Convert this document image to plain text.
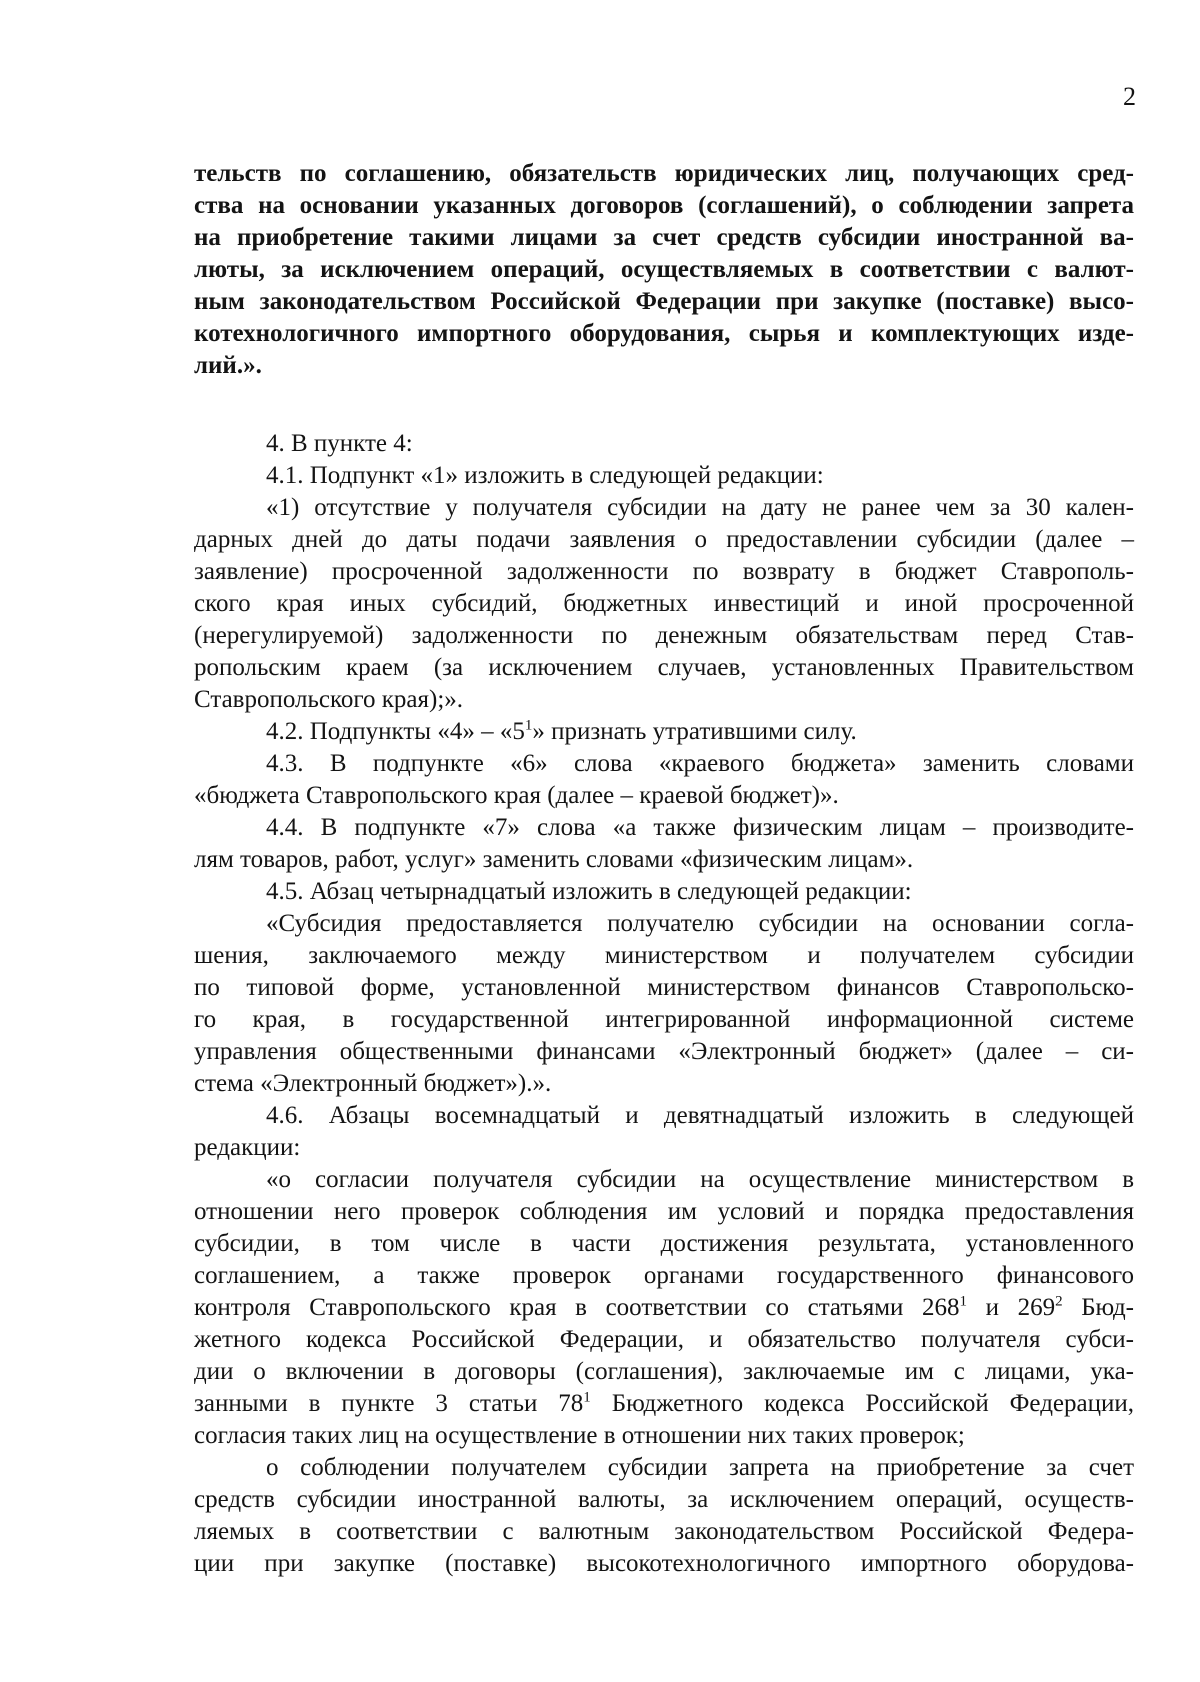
2
тельств по соглашению, обязательств юридических лиц, получающих сред-
ства на основании указанных договоров (соглашений), о соблюдении запрета
на приобретение такими лицами за счет средств субсидии иностранной ва-
люты, за исключением операций, осуществляемых в соответствии с валют-
ным законодательством Российской Федерации при закупке (поставке) высо-
котехнологичного импортного оборудования, сырья и комплектующих изде-
лий.».
4. В пункте 4:
4.1. Подпункт «1» изложить в следующей редакции:
«1) отсутствие у получателя субсидии на дату не ранее чем за 30 кален-
дарных дней до даты подачи заявления о предоставлении субсидии (далее –
заявление) просроченной задолженности по возврату в бюджет Ставрополь-
ского края иных субсидий, бюджетных инвестиций и иной просроченной
(нерегулируемой) задолженности по денежным обязательствам перед Став-
ропольским краем (за исключением случаев, установленных Правительством
Ставропольского края);».
4.2. Подпункты «4» – «$5^1$» признать утратившими силу.
4.3. В подпункте «6» слова «краевого бюджета» заменить словами
«бюджета Ставропольского края (далее – краевой бюджет)».
4.4. В подпункте «7» слова «а также физическим лицам – производите-
лям товаров, работ, услуг» заменить словами «физическим лицам».
4.5. Абзац четырнадцатый изложить в следующей редакции:
«Субсидия предоставляется получателю субсидии на основании согла-
шения, заключаемого между министерством и получателем субсидии
по типовой форме, установленной министерством финансов Ставропольско-
го края, в государственной интегрированной информационной системе
управления общественными финансами «Электронный бюджет» (далее – си-
стема «Электронный бюджет»).».
4.6. Абзацы восемнадцатый и девятнадцатый изложить в следующей
редакции:
«о согласии получателя субсидии на осуществление министерством в
отношении него проверок соблюдения им условий и порядка предоставления
субсидии, в том числе в части достижения результата, установленного
соглашением, а также проверок органами государственного финансового
контроля Ставропольского края в соответствии со статьями $268^1$ и $269^2$ Бюд-
жетного кодекса Российской Федерации, и обязательство получателя субси-
дии о включении в договоры (соглашения), заключаемые им с лицами, ука-
занными в пункте 3 статьи $78^1$ Бюджетного кодекса Российской Федерации,
согласия таких лиц на осуществление в отношении них таких проверок;
о соблюдении получателем субсидии запрета на приобретение за счет
средств субсидии иностранной валюты, за исключением операций, осуществ-
ляемых в соответствии с валютным законодательством Российской Федера-
ции при закупке (поставке) высокотехнологичного импортного оборудова-
